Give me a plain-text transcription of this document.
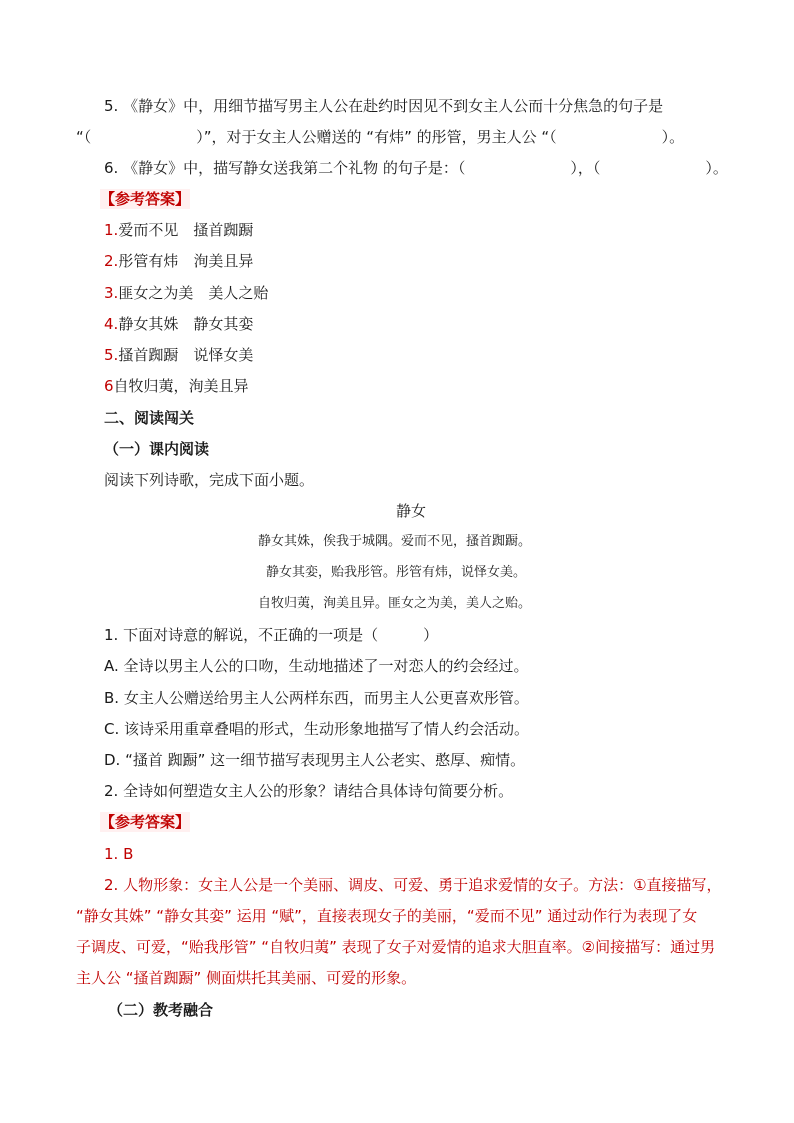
5. 《静女》中，用细节描写男主人公在赴约时因见不到女主人公而十分焦急的句子是
“（　　　　　　　）”，对于女主人公赠送的 “有炜” 的彤管，男主人公 “（　　　　　　　）。
6. 《静女》中，描写静女送我第二个礼物 的句子是：（　　　　　　　），（　　　　　　　）。
【参考答案】
1.爱而不见　搔首踟蹰
2.彤管有炜　洵美且异
3.匪女之为美　美人之贻
4.静女其姝　静女其娈
5.搔首踟蹰　说怿女美
6自牧归荑，洵美且异
二、阅读闯关
（一）课内阅读
阅读下列诗歌，完成下面小题。
静女
静女其姝，俟我于城隅。爱而不见，搔首踟蹰。
静女其娈，贻我彤管。彤管有炜，说怿女美。
自牧归荑，洵美且异。匪女之为美，美人之贻。
1. 下面对诗意的解说，不正确的一项是（　　　）
A. 全诗以男主人公的口吻，生动地描述了一对恋人的约会经过。
B. 女主人公赠送给男主人公两样东西，而男主人公更喜欢彤管。
C. 该诗采用重章叠唱的形式，生动形象地描写了情人约会活动。
D. “搔首 踟蹰” 这一细节描写表现男主人公老实、憨厚、痴情。
2. 全诗如何塑造女主人公的形象？请结合具体诗句简要分析。
【参考答案】
1. B
2. 人物形象：女主人公是一个美丽、调皮、可爱、勇于追求爱情的女子。方法：①直接描写，
“静女其姝” “静女其娈” 运用 “赋”，直接表现女子的美丽，“爱而不见” 通过动作行为表现了女
子调皮、可爱，“贻我彤管” “自牧归荑” 表现了女子对爱情的追求大胆直率。②间接描写：通过男
主人公 “搔首踟蹰” 侧面烘托其美丽、可爱的形象。
（二）教考融合
